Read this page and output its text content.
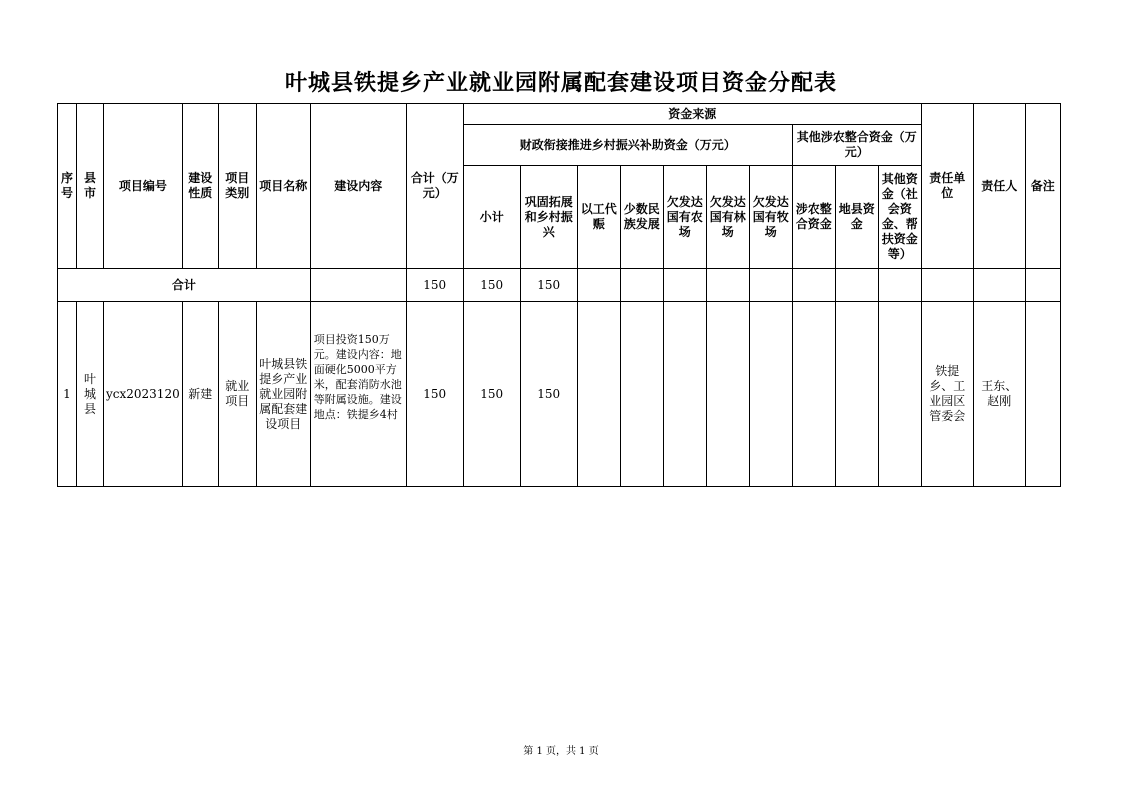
叶城县铁提乡产业就业园附属配套建设项目资金分配表
序号	县市	项目编号	建设性质	项目类别	项目名称	建设内容	合计（万元）	资金来源										责任单位	责任人	备注
								财政衔接推进乡村振兴补助资金（万元）							其他涉农整合资金（万元）					
								小计	巩固拓展和乡村振兴	以工代赈	少数民族发展	欠发达国有农场	欠发达国有林场	欠发达国有牧场	涉农整合资金	地县资金	其他资金（社会资金、帮扶资金等）			
合计							150	150	150											
1	叶城县	ycx2023120	新建	就业项目	叶城县铁提乡产业就业园附属配套建设项目	项目投资150万元。建设内容：地面硬化5000平方米，配套消防水池等附属设施。建设地点：铁提乡4村	150	150	150									铁提乡、工业园区管委会	王东、赵刚	
第 1 页，共 1 页
